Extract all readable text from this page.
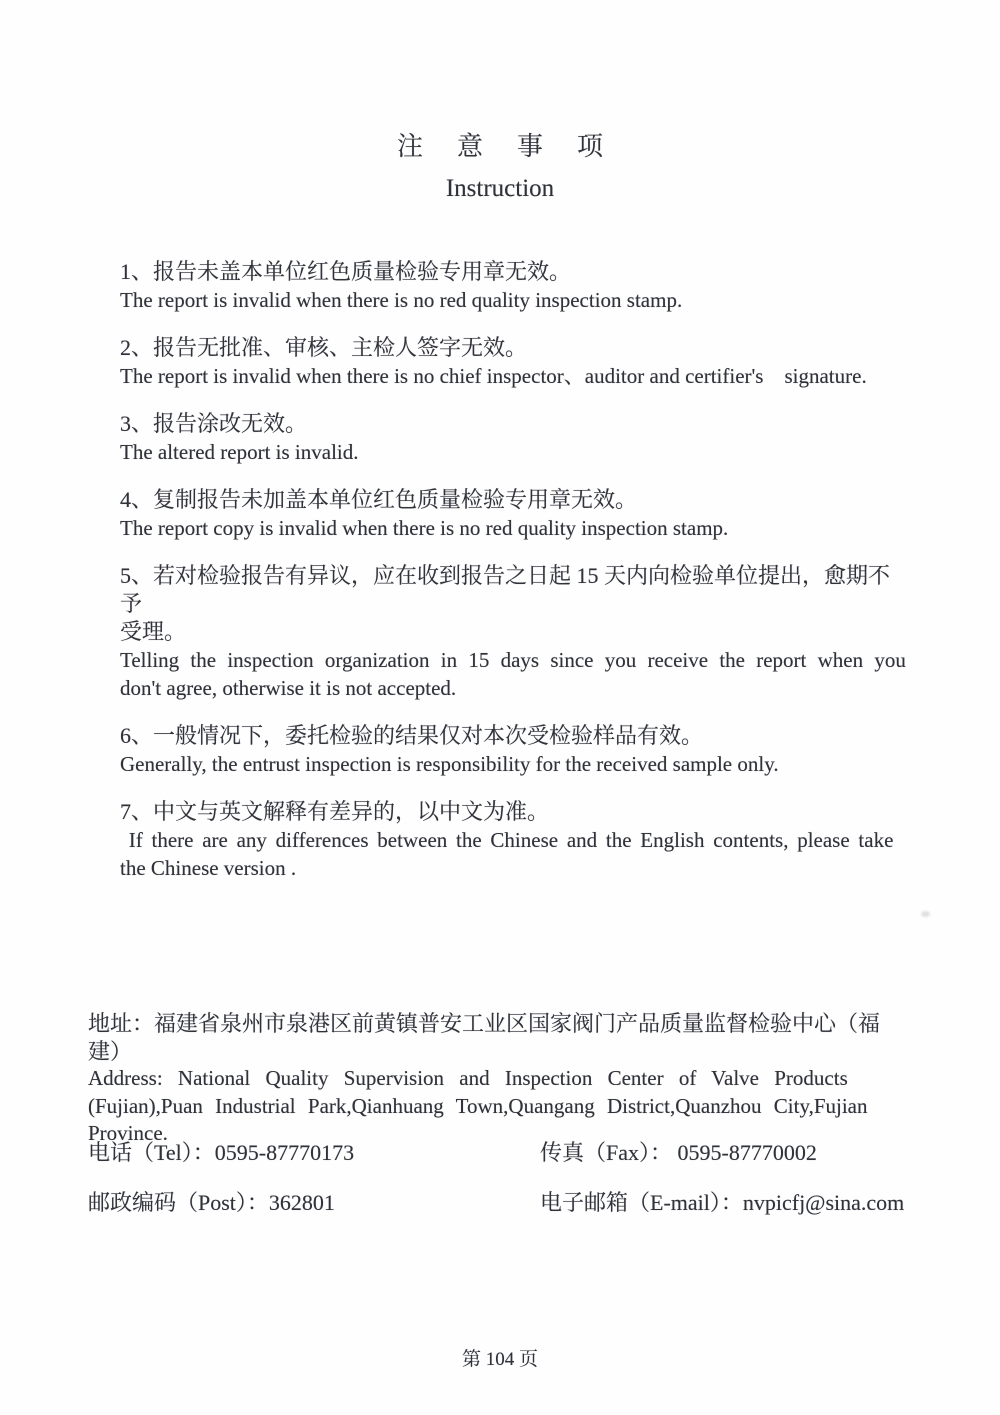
注意事项
Instruction
1、报告未盖本单位红色质量检验专用章无效。
The report is invalid when there is no red quality inspection stamp.
2、报告无批准、审核、主检人签字无效。
The report is invalid when there is no chief inspector、auditor and certifier's    signature.
3、报告涂改无效。
The altered report is invalid.
4、复制报告未加盖本单位红色质量检验专用章无效。
The report copy is invalid when there is no red quality inspection stamp.
5、若对检验报告有异议，应在收到报告之日起 15 天内向检验单位提出，愈期不予
受理。
Telling the inspection organization in 15 days since you receive the report when you
don't agree, otherwise it is not accepted.
6、一般情况下，委托检验的结果仅对本次受检验样品有效。
Generally, the entrust inspection is responsibility for the received sample only.
7、中文与英文解释有差异的，以中文为准。
If there are any differences between the Chinese and the English contents, please take
the Chinese version .
地址：福建省泉州市泉港区前黄镇普安工业区国家阀门产品质量监督检验中心（福建）
Address: National Quality Supervision and Inspection Center of Valve Products
(Fujian),Puan Industrial Park,Qianhuang Town,Quangang District,Quanzhou City,Fujian
Province.
电话（Tel）：0595-87770173	传真（Fax）： 0595-87770002
邮政编码（Post）：362801	电子邮箱（E-mail）：nvpicfj@sina.com
第 104 页
